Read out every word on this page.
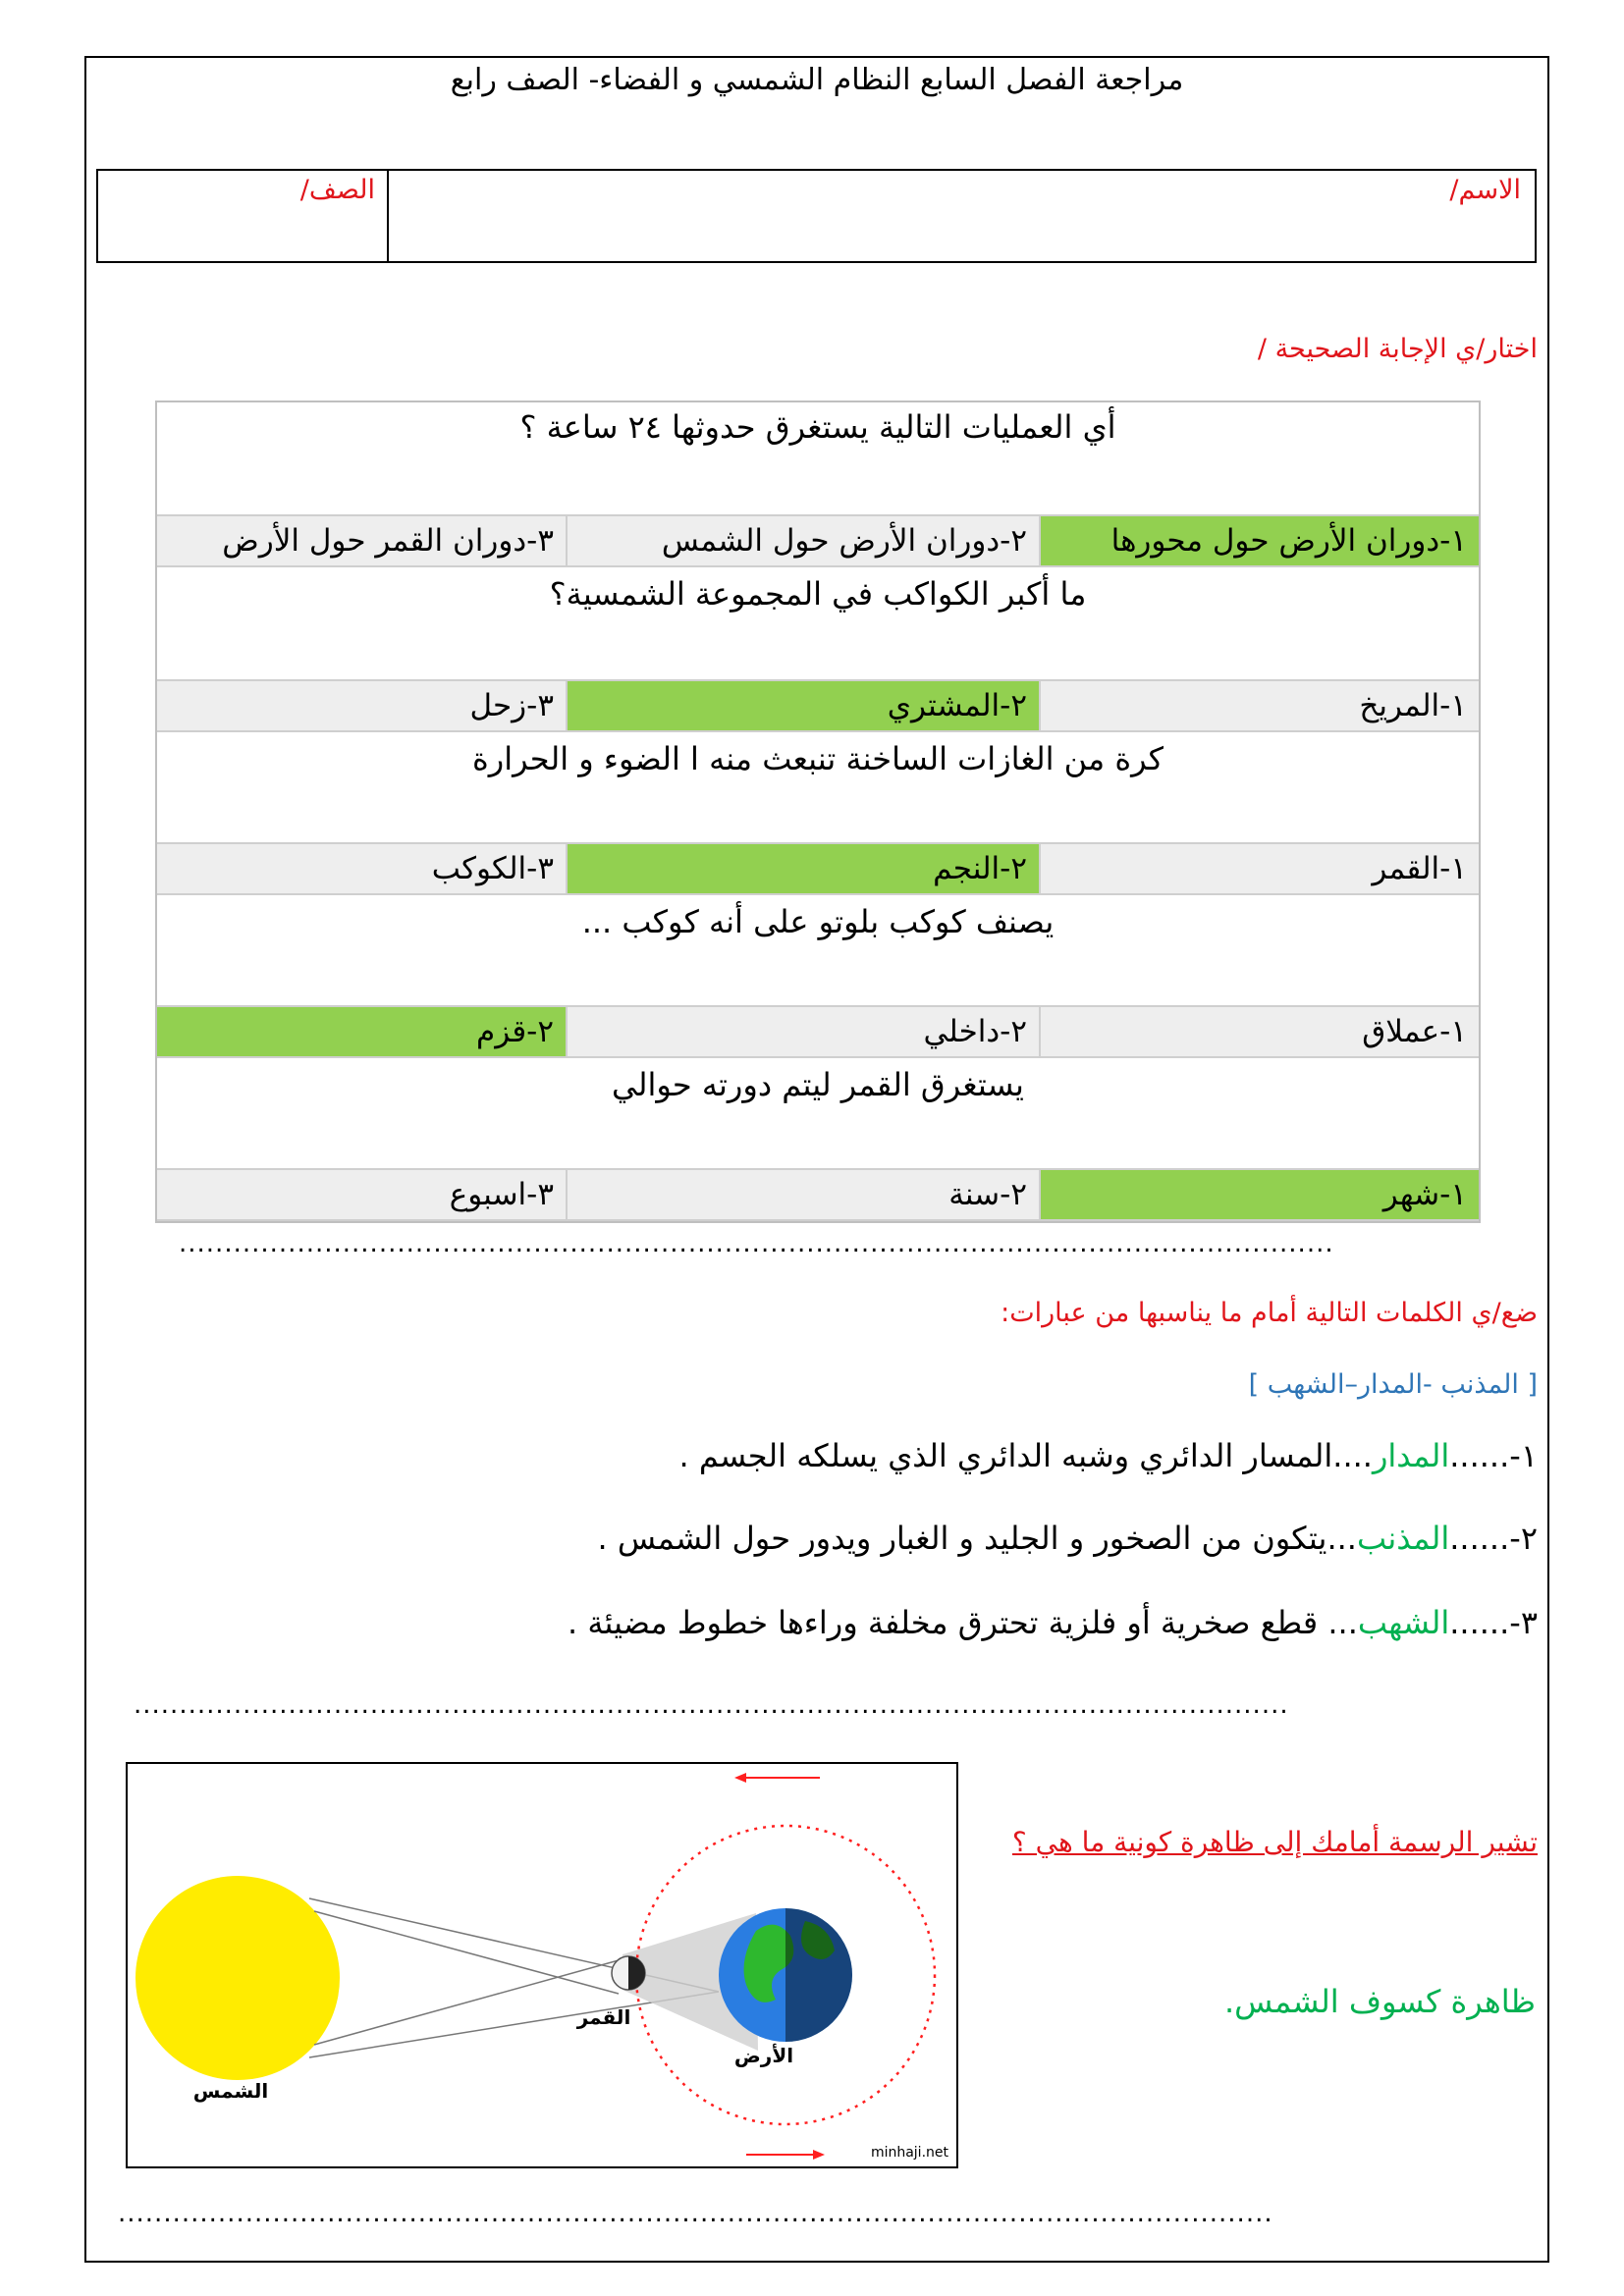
مراجعة الفصل السابع النظام الشمسي و الفضاء- الصف رابع
الاسم/
الصف/
اختار/ي الإجابة الصحيحة /
أي العمليات التالية يستغرق حدوثها ٢٤ ساعة ؟
١-دوران الأرض حول محورها
٢-دوران الأرض حول الشمس
٣-دوران القمر حول الأرض
ما أكبر الكواكب في المجموعة الشمسية؟
١-المريخ
٢-المشتري
٣-زحل
كرة من الغازات الساخنة تنبعث منه ا الضوء و الحرارة
١-القمر
٢-النجم
٣-الكوكب
يصنف كوكب بلوتو على أنه كوكب ...
١-عملاق
٢-داخلي
٢-قزم
يستغرق القمر ليتم دورته حوالي
١-شهر
٢-سنة
٣-اسبوع
...............................................................................................................................
ضع/ي الكلمات التالية أمام ما يناسبها من عبارات:
[ المذنب -المدار–الشهب ]
١-......المدار....المسار الدائري وشبه الدائري الذي يسلكه الجسم .
٢-......المذنب...يتكون من الصخور و الجليد و الغبار ويدور حول الشمس .
٣-......الشهب... قطع صخرية أو فلزية تحترق مخلفة وراءها خطوط مضيئة .
...............................................................................................................................
الشمس
القمر
الأرض
minhaji.net
تشير الرسمة أمامك إلى ظاهرة كونية ما هي ؟
ظاهرة كسوف الشمس.
...............................................................................................................................
